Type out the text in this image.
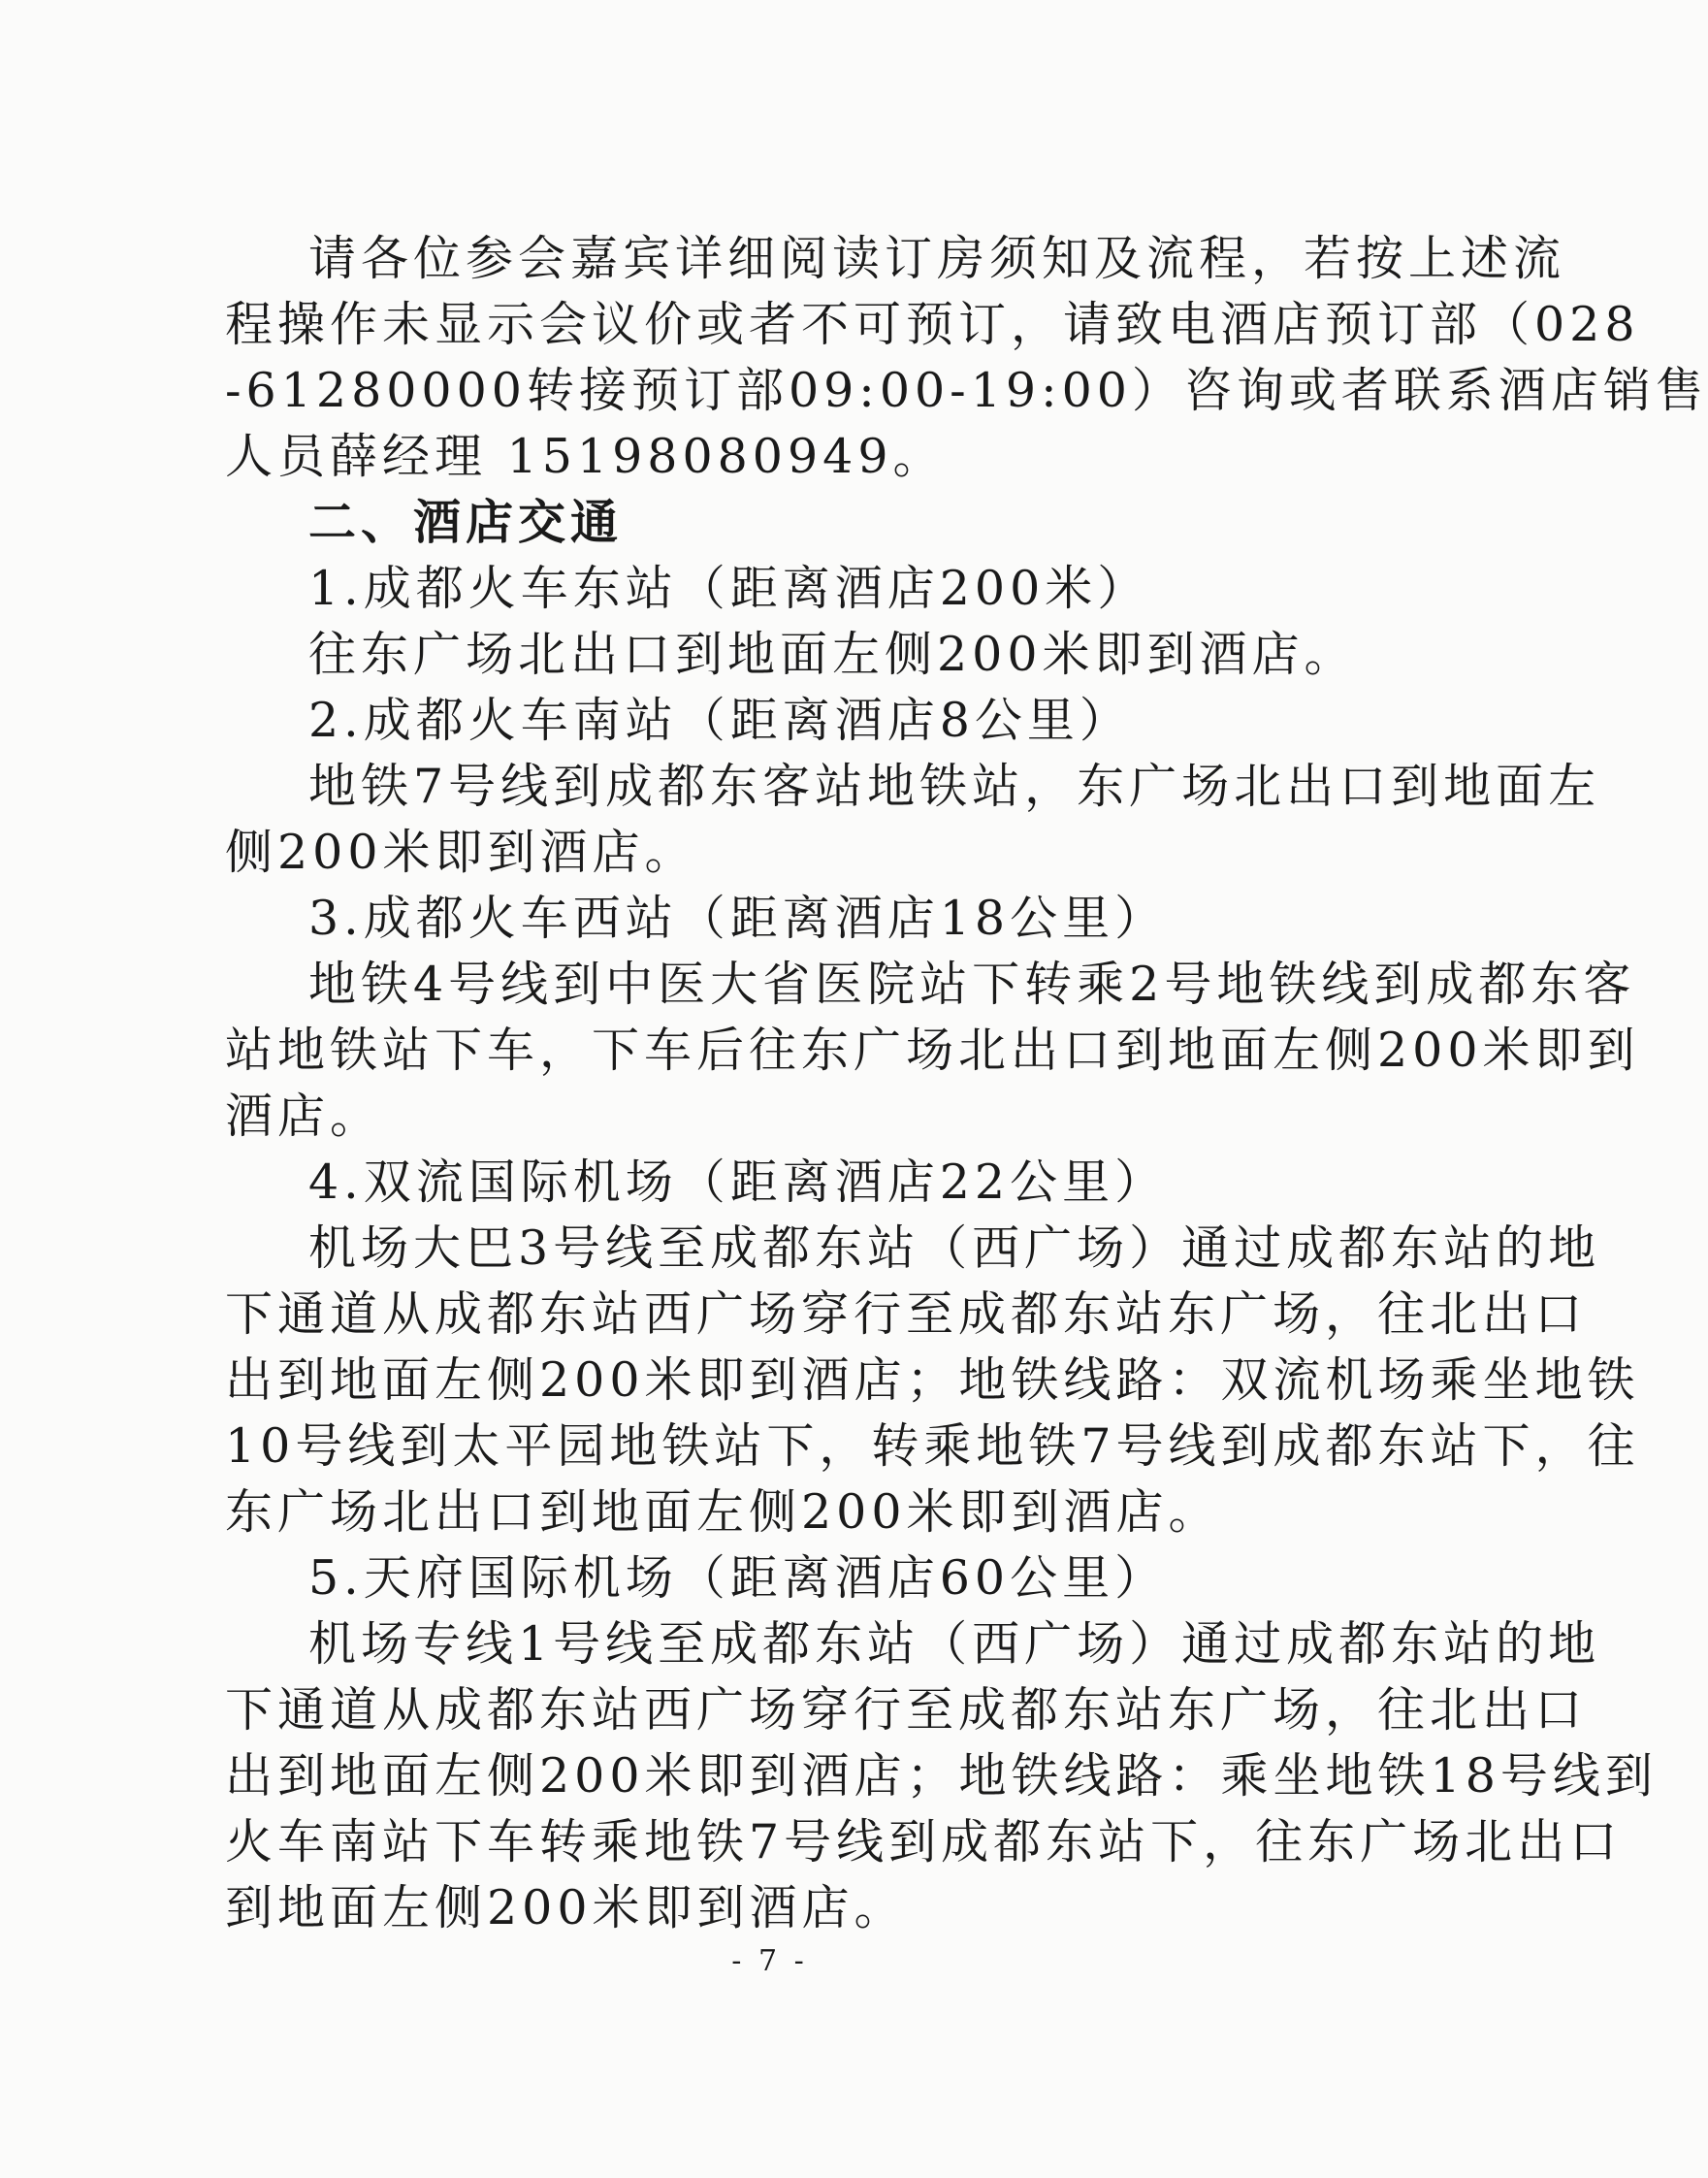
请各位参会嘉宾详细阅读订房须知及流程，若按上述流
程操作未显示会议价或者不可预订，请致电酒店预订部（028
-61280000转接预订部09:00-19:00）咨询或者联系酒店销售
人员薛经理 15198080949。
二、酒店交通
1.成都火车东站（距离酒店200米）
往东广场北出口到地面左侧200米即到酒店。
2.成都火车南站（距离酒店8公里）
地铁7号线到成都东客站地铁站，东广场北出口到地面左
侧200米即到酒店。
3.成都火车西站（距离酒店18公里）
地铁4号线到中医大省医院站下转乘2号地铁线到成都东客
站地铁站下车，下车后往东广场北出口到地面左侧200米即到
酒店。
4.双流国际机场（距离酒店22公里）
机场大巴3号线至成都东站（西广场）通过成都东站的地
下通道从成都东站西广场穿行至成都东站东广场，往北出口
出到地面左侧200米即到酒店；地铁线路：双流机场乘坐地铁
10号线到太平园地铁站下，转乘地铁7号线到成都东站下，往
东广场北出口到地面左侧200米即到酒店。
5.天府国际机场（距离酒店60公里）
机场专线1号线至成都东站（西广场）通过成都东站的地
下通道从成都东站西广场穿行至成都东站东广场，往北出口
出到地面左侧200米即到酒店；地铁线路：乘坐地铁18号线到
火车南站下车转乘地铁7号线到成都东站下，往东广场北出口
到地面左侧200米即到酒店。
- 7 -
